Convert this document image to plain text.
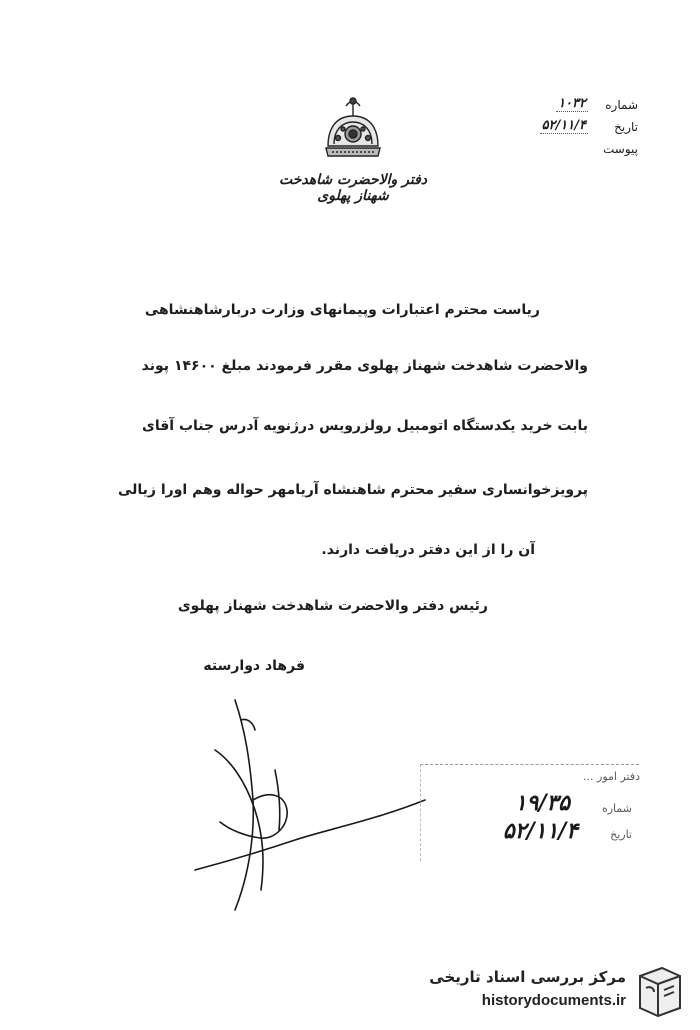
دفتر والاحضرت شاهدخت شهناز پهلوی
شماره
۱۰۳۲
تاریخ
۵۲/۱۱/۴
پیوست
ریاست محترم اعتبارات وپیمانهای وزارت دربارشاهنشاهی
والاحضرت شاهدخت شهناز پهلوی مقرر فرمودند مبلغ ۱۴۶۰۰ پوند
بابت خرید یکدستگاه اتومبیل رولزرویس درژنویه آدرس جناب آقای
پرویزخوانساری سفیر محترم شاهنشاه آریامهر حواله وهم اورا زیالی
آن را از این دفتر دریافت دارند.
رئیس دفتر والاحضرت شاهدخت شهناز پهلوی
فرهاد دوارسته
دفتر امور ...
شماره
۱۹/۳۵
تاریخ
۵۲/۱۱/۴
مرکز بررسی اسناد تاریخی
historydocuments.ir
